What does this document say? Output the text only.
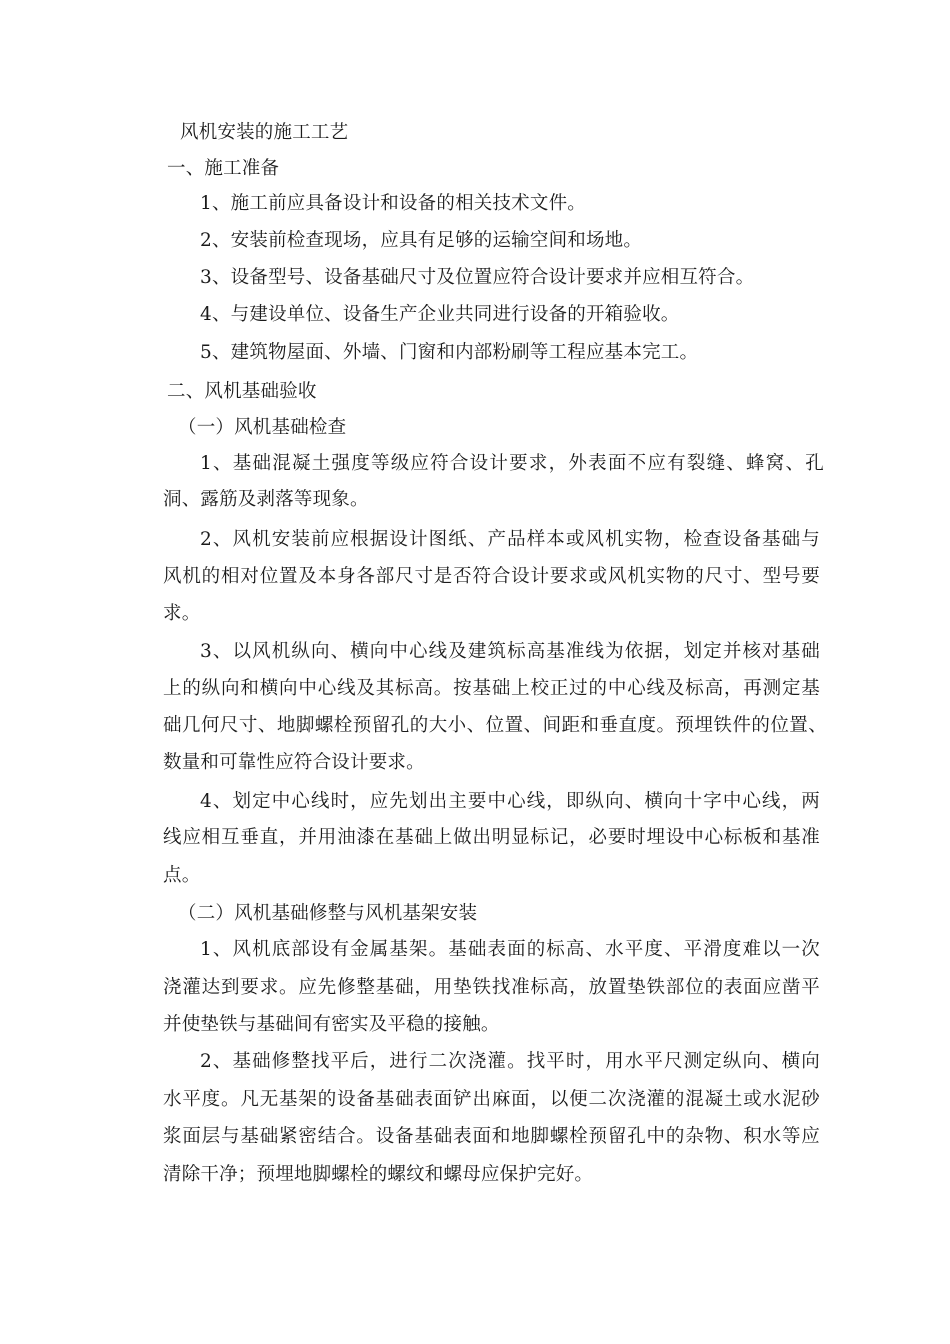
风机安装的施工工艺
一、施工准备
1、施工前应具备设计和设备的相关技术文件。
2、安装前检查现场，应具有足够的运输空间和场地。
3、设备型号、设备基础尺寸及位置应符合设计要求并应相互符合。
4、与建设单位、设备生产企业共同进行设备的开箱验收。
5、建筑物屋面、外墙、门窗和内部粉刷等工程应基本完工。
二、风机基础验收
（一）风机基础检查
1、基础混凝土强度等级应符合设计要求，外表面不应有裂缝、蜂窝、孔
洞、露筋及剥落等现象。
2、风机安装前应根据设计图纸、产品样本或风机实物，检查设备基础与
风机的相对位置及本身各部尺寸是否符合设计要求或风机实物的尺寸、型号要
求。
3、以风机纵向、横向中心线及建筑标高基准线为依据，划定并核对基础
上的纵向和横向中心线及其标高。按基础上校正过的中心线及标高，再测定基
础几何尺寸、地脚螺栓预留孔的大小、位置、间距和垂直度。预埋铁件的位置、
数量和可靠性应符合设计要求。
4、划定中心线时，应先划出主要中心线，即纵向、横向十字中心线，两
线应相互垂直，并用油漆在基础上做出明显标记，必要时埋设中心标板和基准
点。
（二）风机基础修整与风机基架安装
1、风机底部设有金属基架。基础表面的标高、水平度、平滑度难以一次
浇灌达到要求。应先修整基础，用垫铁找准标高，放置垫铁部位的表面应凿平
并使垫铁与基础间有密实及平稳的接触。
2、基础修整找平后，进行二次浇灌。找平时，用水平尺测定纵向、横向
水平度。凡无基架的设备基础表面铲出麻面，以便二次浇灌的混凝土或水泥砂
浆面层与基础紧密结合。设备基础表面和地脚螺栓预留孔中的杂物、积水等应
清除干净；预埋地脚螺栓的螺纹和螺母应保护完好。
